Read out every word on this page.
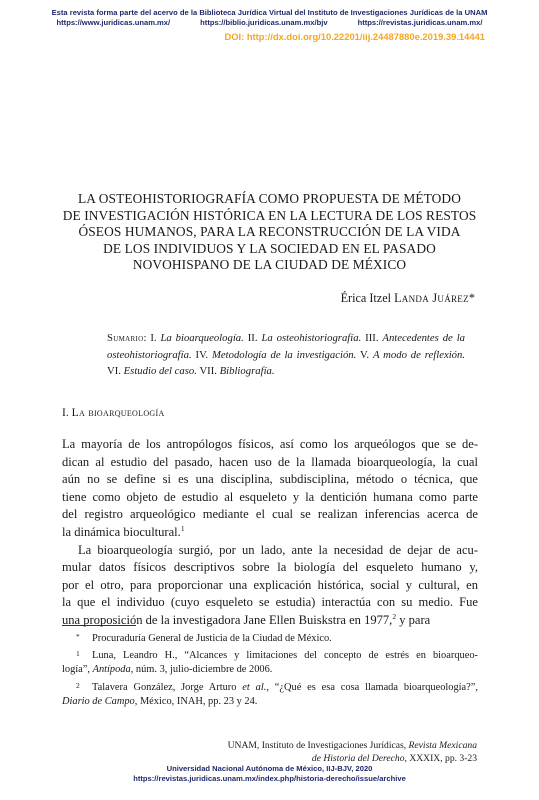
Esta revista forma parte del acervo de la Biblioteca Jurídica Virtual del Instituto de Investigaciones Jurídicas de la UNAM
https://www.juridicas.unam.mx/	https://biblio.juridicas.unam.mx/bjv	https://revistas.juridicas.unam.mx/
DOI: http://dx.doi.org/10.22201/iij.24487880e.2019.39.14441
LA OSTEOHISTORIOGRAFÍA COMO PROPUESTA DE MÉTODO
DE INVESTIGACIÓN HISTÓRICA EN LA LECTURA DE LOS RESTOS
ÓSEOS HUMANOS, PARA LA RECONSTRUCCIÓN DE LA VIDA
DE LOS INDIVIDUOS Y LA SOCIEDAD EN EL PASADO
NOVOHISPANO DE LA CIUDAD DE MÉXICO
Érica Itzel Landa Juárez*
Sumario: I. La bioarqueología. II. La osteohistoriografía. III. Antecedentes de la osteohistoriografía. IV. Metodología de la investigación. V. A modo de reflexión. VI. Estudio del caso. VII. Bibliografía.
I. La bioarqueología
La mayoría de los antropólogos físicos, así como los arqueólogos que se de-
dican al estudio del pasado, hacen uso de la llamada bioarqueología, la cual
aún no se define si es una disciplina, subdisciplina, método o técnica, que
tiene como objeto de estudio al esqueleto y la dentición humana como parte
del registro arqueológico mediante el cual se realizan inferencias acerca de
la dinámica biocultural.$^1$
La bioarqueología surgió, por un lado, ante la necesidad de dejar de acu-
mular datos físicos descriptivos sobre la biología del esqueleto humano y,
por el otro, para proporcionar una explicación histórica, social y cultural, en
la que el individuo (cuyo esqueleto se estudia) interactúa con su medio. Fue
una proposición de la investigadora Jane Ellen Buiskstra en 1977,$^2$ y para
* Procuraduría General de Justicia de la Ciudad de México.
1 Luna, Leandro H., “Alcances y limitaciones del concepto de estrés en bioarqueo-
logía”, Antípoda, núm. 3, julio-diciembre de 2006.
2 Talavera González, Jorge Arturo et al., “¿Qué es esa cosa llamada bioarqueología?”,
Diario de Campo, México, INAH, pp. 23 y 24.
UNAM, Instituto de Investigaciones Jurídicas, Revista Mexicana
de Historia del Derecho, XXXIX, pp. 3-23
Universidad Nacional Autónoma de México, IIJ-BJV, 2020
https://revistas.juridicas.unam.mx/index.php/historia-derecho/issue/archive
